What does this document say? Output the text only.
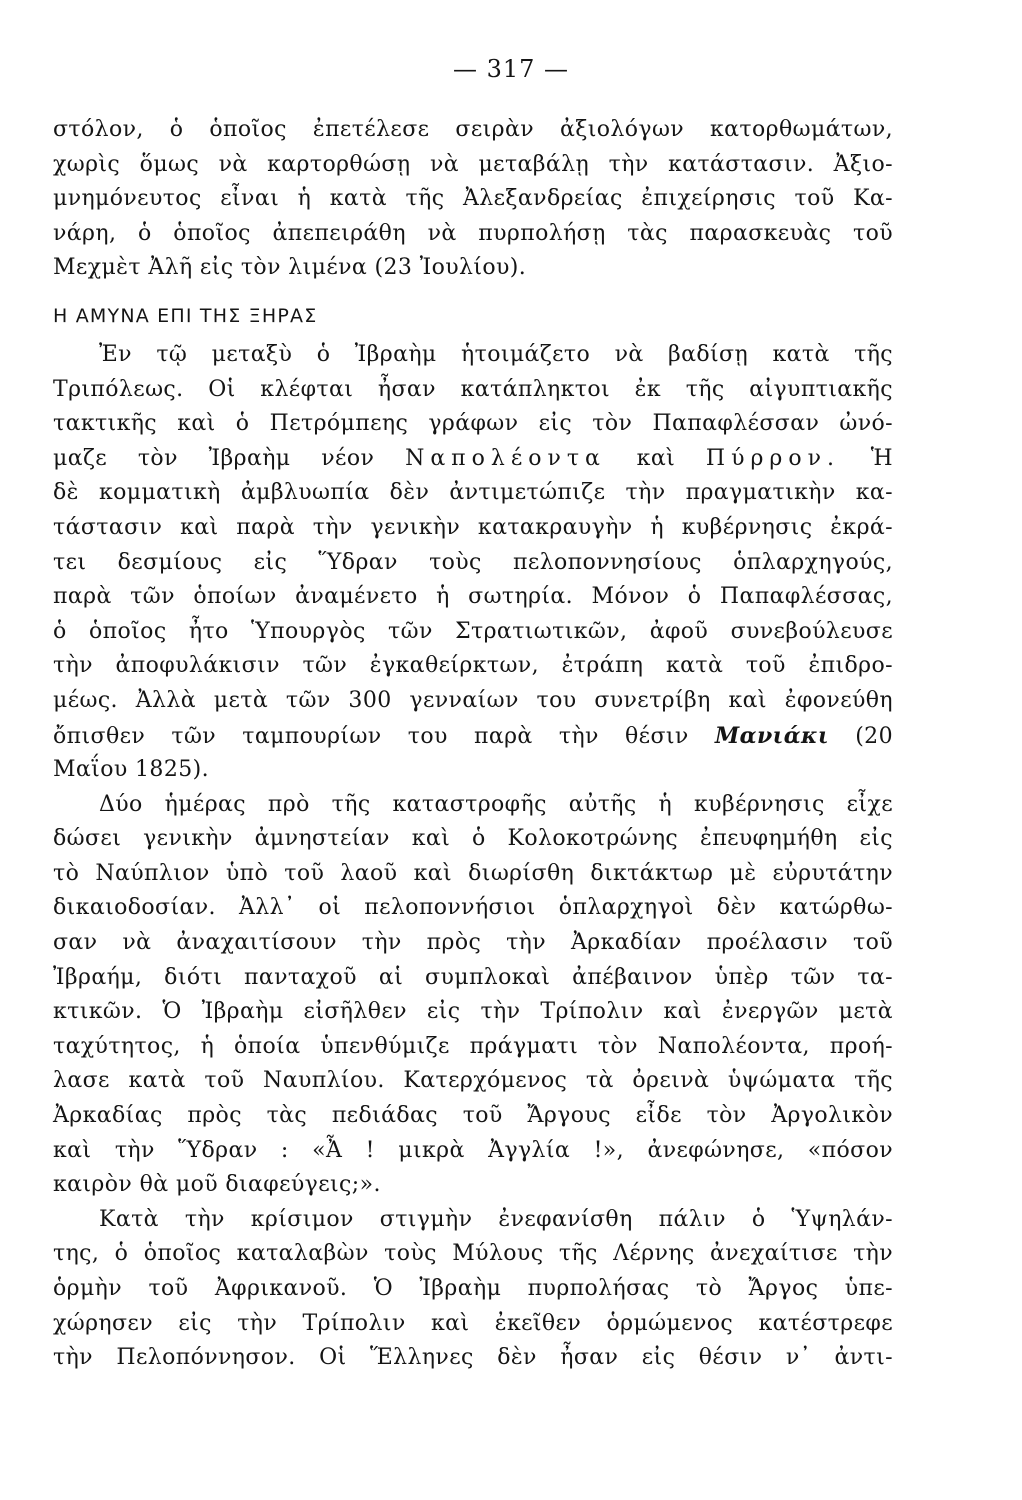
— 317 —
στόλον, ὁ ὁποῖος ἐπετέλεσε σειρὰν ἀξιολόγων κατορθωμάτων,
χωρὶς ὅμως νὰ καρτορθώσῃ νὰ μεταβάλῃ τὴν κατάστασιν. Ἀξιο-
μνημόνευτος εἶναι ἡ κατὰ τῆς Ἀλεξανδρείας ἐπιχείρησις τοῦ Κα-
νάρη, ὁ ὁποῖος ἀπεπειράθη νὰ πυρπολήσῃ τὰς παρασκευὰς τοῦ
Μεχμὲτ Ἀλῆ εἰς τὸν λιμένα (23 Ἰουλίου).
Η ΑΜΥΝΑ ΕΠΙ ΤΗΣ ΞΗΡΑΣ
Ἐν τῷ μεταξὺ ὁ Ἰβραὴμ ἡτοιμάζετο νὰ βαδίσῃ κατὰ τῆς
Τριπόλεως. Οἱ κλέφται ἦσαν κατάπληκτοι ἐκ τῆς αἰγυπτιακῆς
τακτικῆς καὶ ὁ Πετρόμπεης γράφων εἰς τὸν Παπαφλέσσαν ὠνό-
μαζε τὸν Ἰβραὴμ νέον Ναπολέοντα καὶ Πύρρον. Ἡ
δὲ κομματικὴ ἀμβλυωπία δὲν ἀντιμετώπιζε τὴν πραγματικὴν κα-
τάστασιν καὶ παρὰ τὴν γενικὴν κατακραυγὴν ἡ κυβέρνησις ἐκρά-
τει δεσμίους εἰς Ὕδραν τοὺς πελοποννησίους ὁπλαρχηγούς,
παρὰ τῶν ὁποίων ἀναμένετο ἡ σωτηρία. Μόνον ὁ Παπαφλέσσας,
ὁ ὁποῖος ἦτο Ὑπουργὸς τῶν Στρατιωτικῶν, ἀφοῦ συνεβούλευσε
τὴν ἀποφυλάκισιν τῶν ἐγκαθείρκτων, ἐτράπη κατὰ τοῦ ἐπιδρο-
μέως. Ἀλλὰ μετὰ τῶν 300 γενναίων του συνετρίβη καὶ ἐφονεύθη
ὄπισθεν τῶν ταμπουρίων του παρὰ τὴν θέσιν Μανιάκι (20
Μαΐου 1825).
Δύο ἡμέρας πρὸ τῆς καταστροφῆς αὐτῆς ἡ κυβέρνησις εἶχε
δώσει γενικὴν ἀμνηστείαν καὶ ὁ Κολοκοτρώνης ἐπευφημήθη εἰς
τὸ Ναύπλιον ὑπὸ τοῦ λαοῦ καὶ διωρίσθη δικτάκτωρ μὲ εὐρυτάτην
δικαιοδοσίαν. Ἀλλ᾿ οἱ πελοποννήσιοι ὁπλαρχηγοὶ δὲν κατώρθω-
σαν νὰ ἀναχαιτίσουν τὴν πρὸς τὴν Ἀρκαδίαν προέλασιν τοῦ
Ἰβραήμ, διότι πανταχοῦ αἱ συμπλοκαὶ ἀπέβαινον ὑπὲρ τῶν τα-
κτικῶν. Ὁ Ἰβραὴμ εἰσῆλθεν εἰς τὴν Τρίπολιν καὶ ἐνεργῶν μετὰ
ταχύτητος, ἡ ὁποία ὑπενθύμιζε πράγματι τὸν Ναπολέοντα, προή-
λασε κατὰ τοῦ Ναυπλίου. Κατερχόμενος τὰ ὀρεινὰ ὑψώματα τῆς
Ἀρκαδίας πρὸς τὰς πεδιάδας τοῦ Ἄργους εἶδε τὸν Ἀργολικὸν
καὶ τὴν Ὕδραν : «Ἆ ! μικρὰ Ἀγγλία !», ἀνεφώνησε, «πόσον
καιρὸν θὰ μοῦ διαφεύγεις;».
Κατὰ τὴν κρίσιμον στιγμὴν ἐνεφανίσθη πάλιν ὁ Ὑψηλάν-
της, ὁ ὁποῖος καταλαβὼν τοὺς Μύλους τῆς Λέρνης ἀνεχαίτισε τὴν
ὁρμὴν τοῦ Ἀφρικανοῦ. Ὁ Ἰβραὴμ πυρπολήσας τὸ Ἄργος ὑπε-
χώρησεν εἰς τὴν Τρίπολιν καὶ ἐκεῖθεν ὁρμώμενος κατέστρεφε
τὴν Πελοπόννησον. Οἱ Ἕλληνες δὲν ἦσαν εἰς θέσιν ν᾿ ἀντι-
